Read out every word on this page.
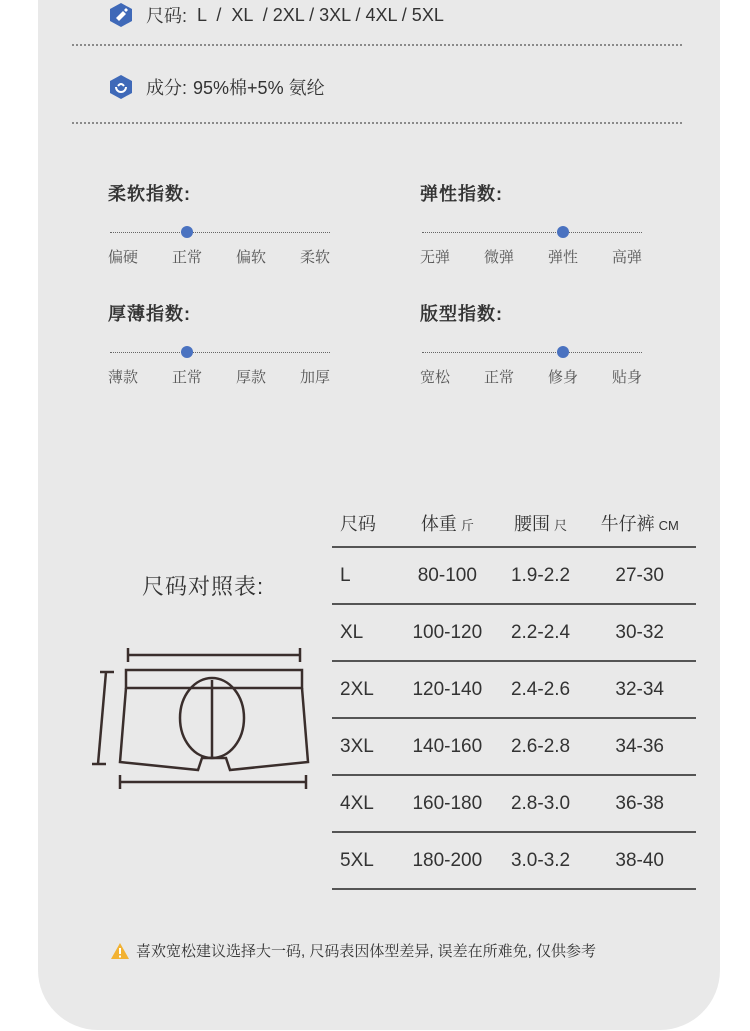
尺码: L  /  XL  / 2XL / 3XL / 4XL / 5XL
成分: 95%棉+5% 氨纶
柔软指数:
偏硬 正常 偏软 柔软
弹性指数:
无弹 微弹 弹性 高弹
厚薄指数:
薄款 正常 厚款 加厚
版型指数:
宽松 正常 修身 贴身
尺码对照表:
尺码	体重 斤	腰围 尺	牛仔裤 CM
L	80-100	1.9-2.2	27-30
XL	100-120	2.2-2.4	30-32
2XL	120-140	2.4-2.6	32-34
3XL	140-160	2.6-2.8	34-36
4XL	160-180	2.8-3.0	36-38
5XL	180-200	3.0-3.2	38-40
喜欢宽松建议选择大一码, 尺码表因体型差异, 误差在所难免, 仅供参考
